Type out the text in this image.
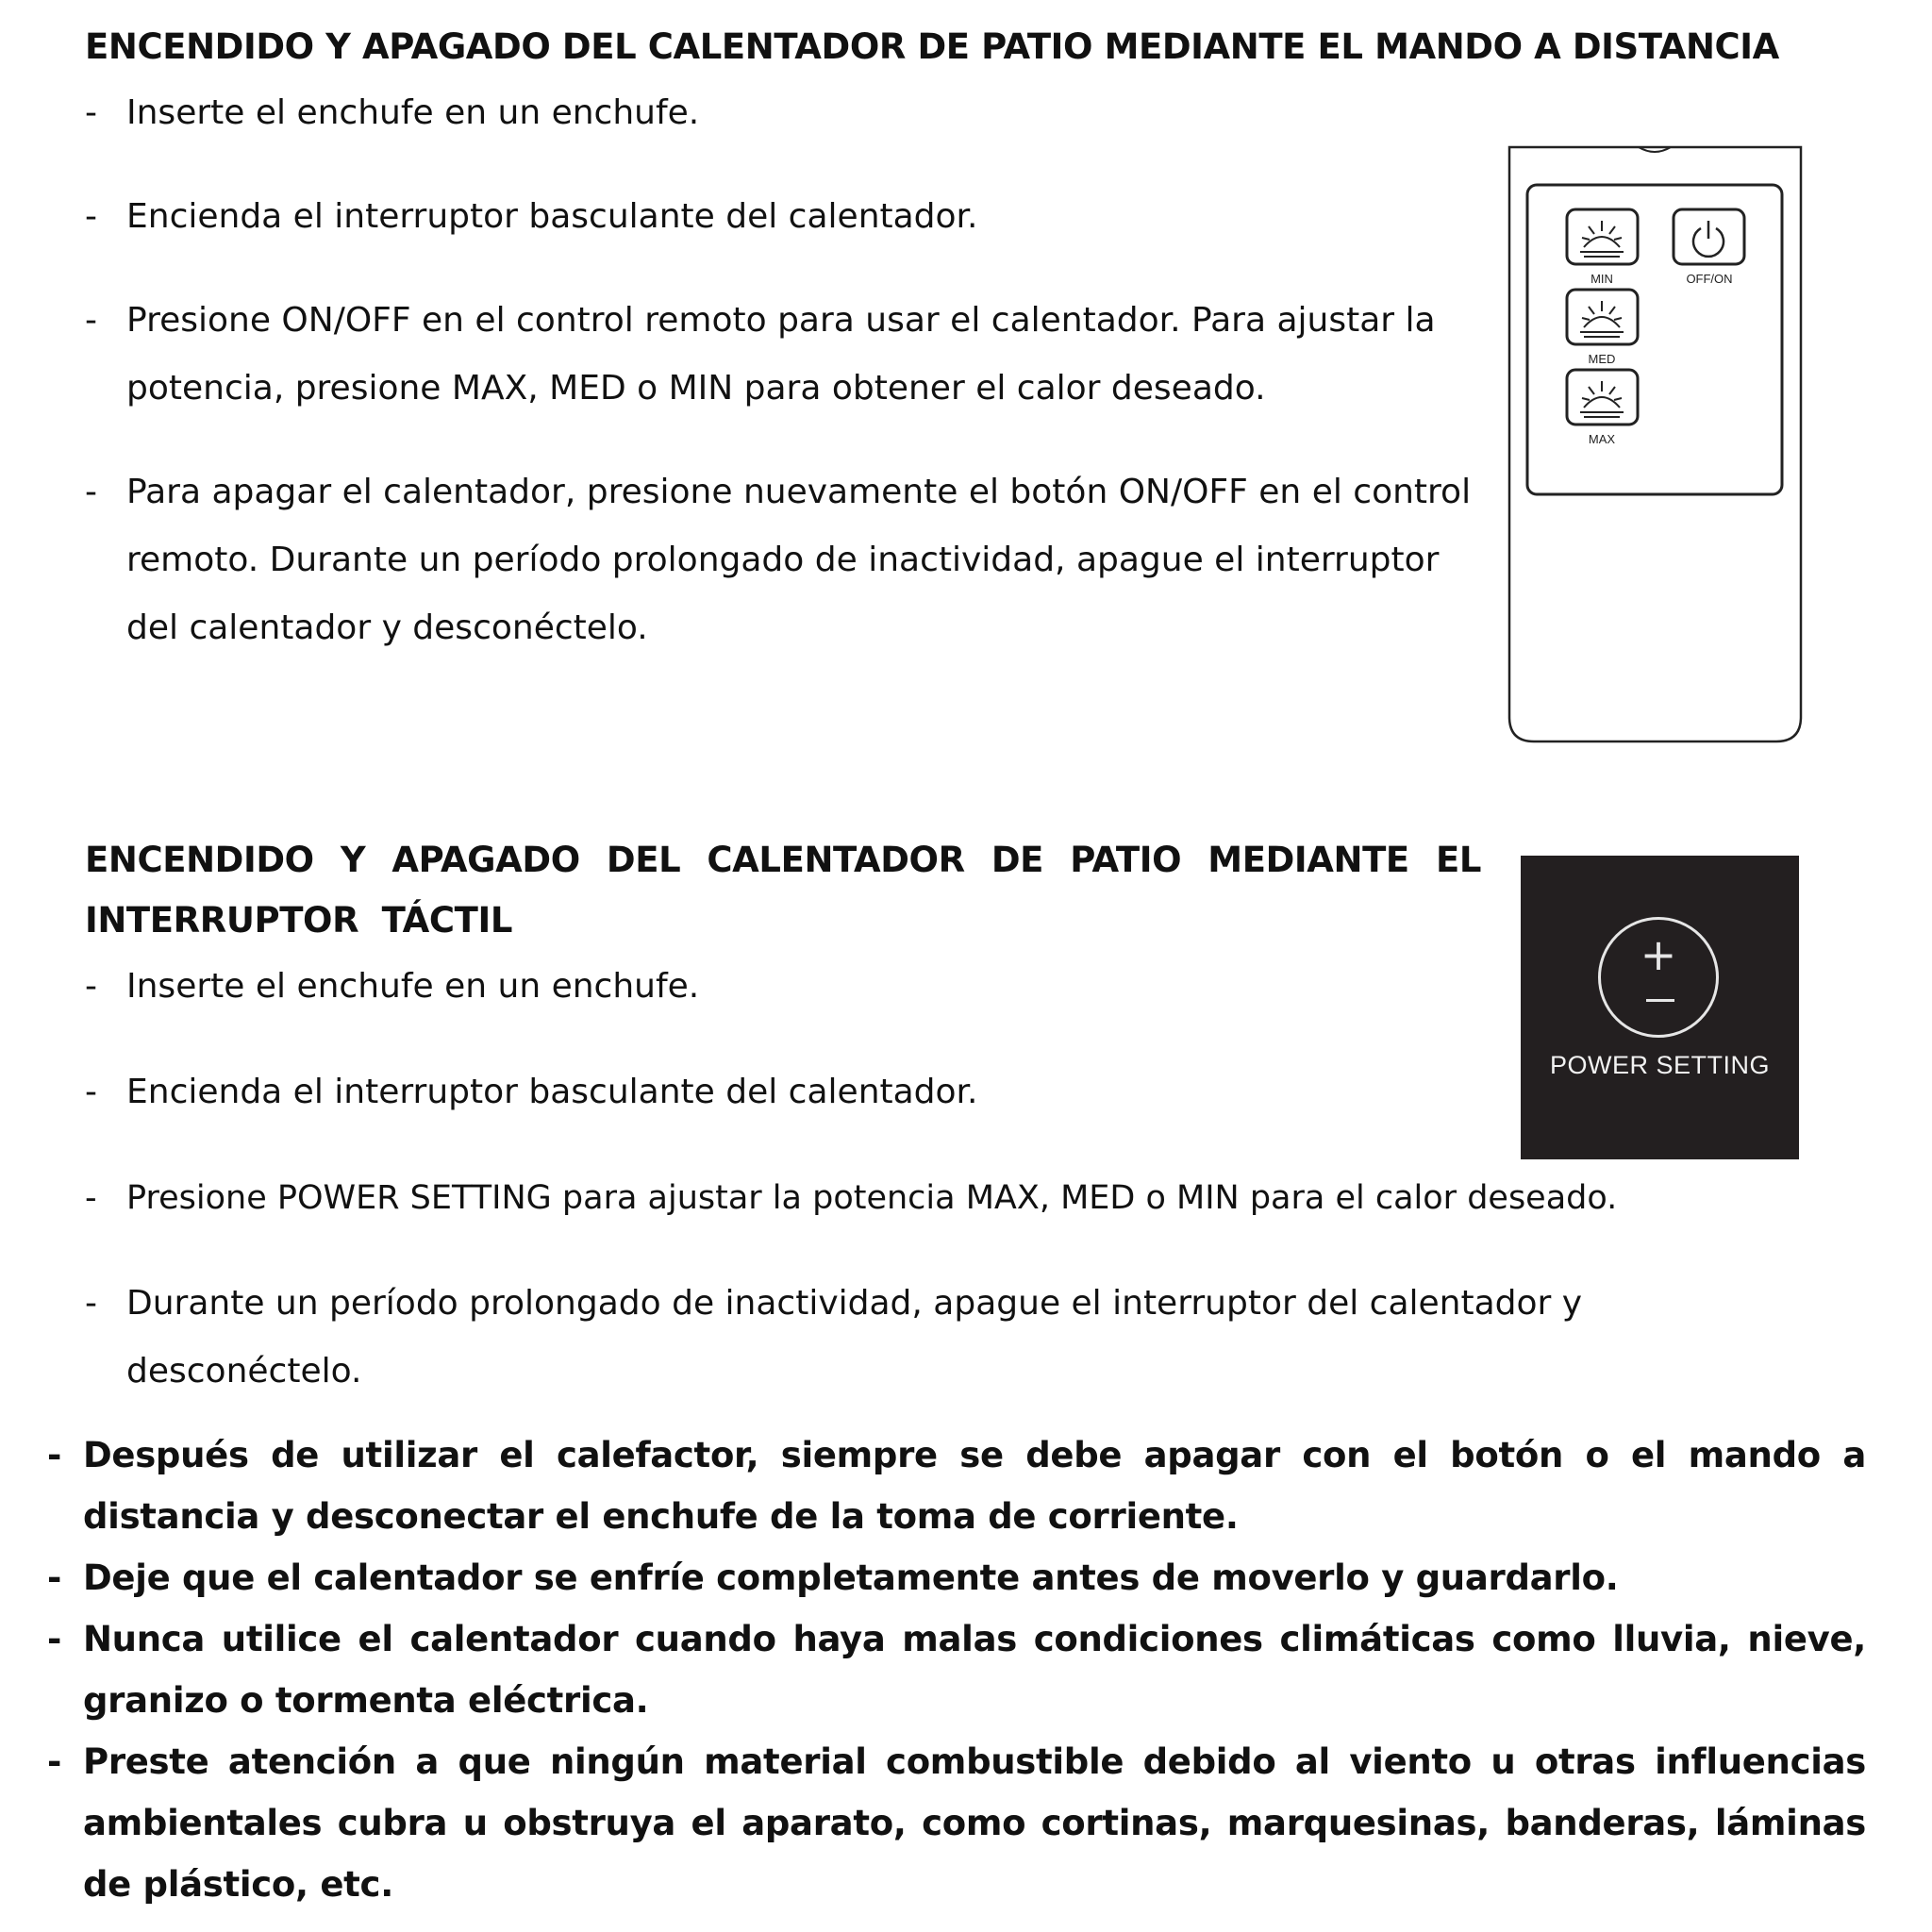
ENCENDIDO Y APAGADO DEL CALENTADOR DE PATIO MEDIANTE EL MANDO A DISTANCIA
- Inserte el enchufe en un enchufe.
- Encienda el interruptor basculante del calentador.
- Presione ON/OFF en el control remoto para usar el calentador. Para ajustar la potencia, presione MAX, MED o MIN para obtener el calor deseado.
- Para apagar el calentador, presione nuevamente el botón ON/OFF en el control remoto. Durante un período prolongado de inactividad, apague el interruptor del calentador y desconéctelo.
MIN	OFF/ON
MED
MAX
ENCENDIDO Y APAGADO DEL CALENTADOR DE PATIO MEDIANTE EL INTERRUPTOR TÁCTIL
+
POWER SETTING
- Inserte el enchufe en un enchufe.
- Encienda el interruptor basculante del calentador.
- Presione POWER SETTING para ajustar la potencia MAX, MED o MIN para el calor deseado.
- Durante un período prolongado de inactividad, apague el interruptor del calentador y desconéctelo.
- Después de utilizar el calefactor, siempre se debe apagar con el botón o el mando a distancia y desconectar el enchufe de la toma de corriente.
- Deje que el calentador se enfríe completamente antes de moverlo y guardarlo.
- Nunca utilice el calentador cuando haya malas condiciones climáticas como lluvia, nieve, granizo o tormenta eléctrica.
- Preste atención a que ningún material combustible debido al viento u otras influencias ambientales cubra u obstruya el aparato, como cortinas, marquesinas, banderas, láminas de plástico, etc.
